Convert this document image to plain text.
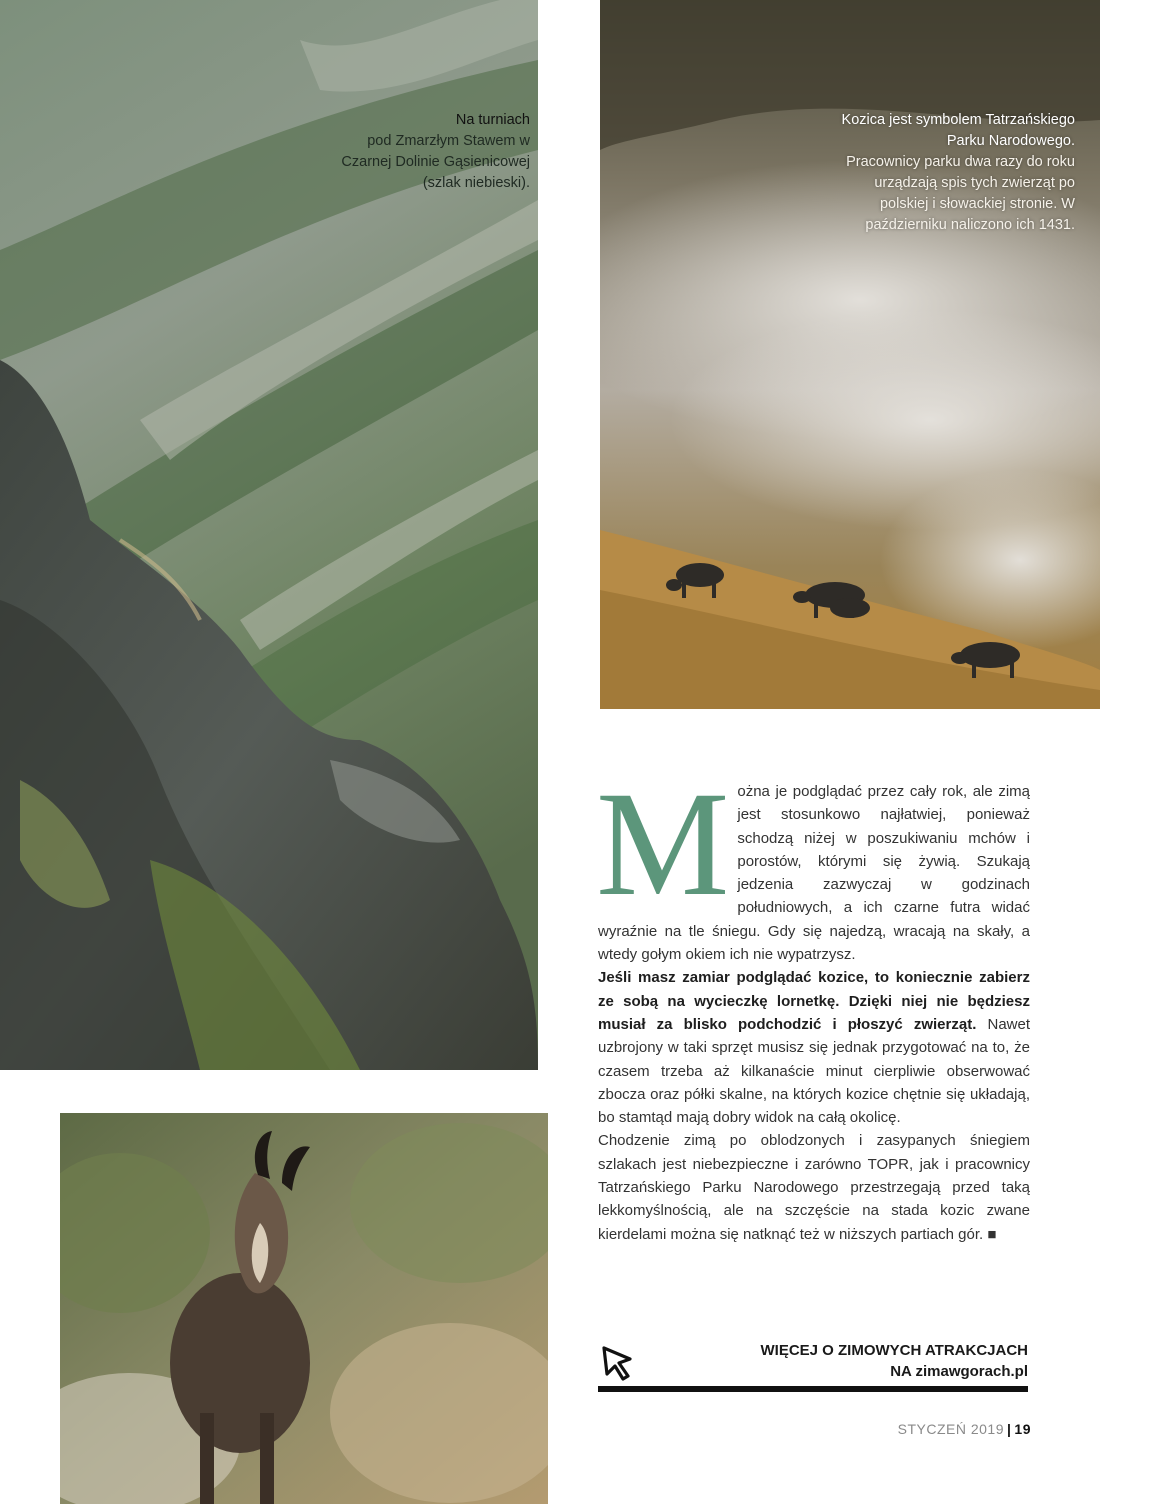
Na turniach
pod Zmarzłym Stawem w Czarnej Dolinie Gąsienicowej (szlak niebieski).
Kozica jest symbolem Tatrzańskiego Parku Narodowego.
Pracownicy parku dwa razy do roku urządzają spis tych zwierząt po polskiej i słowackiej stronie. W październiku naliczono ich 1431.
M ożna je podglądać przez cały rok, ale zimą jest stosunkowo najłatwiej, ponieważ schodzą niżej w poszukiwaniu mchów i porostów, którymi się żywią. Szukają jedzenia zazwyczaj w godzinach południowych, a ich czarne futra widać wyraźnie na tle śniegu. Gdy się najedzą, wracają na skały, a wtedy gołym okiem ich nie wypatrzysz.

Jeśli masz zamiar podglądać kozice, to koniecznie zabierz ze sobą na wycieczkę lornetkę. Dzięki niej nie będziesz musiał za blisko podchodzić i płoszyć zwierząt. Nawet uzbrojony w taki sprzęt musisz się jednak przygotować na to, że czasem trzeba aż kilkanaście minut cierpliwie obserwować zbocza oraz półki skalne, na których kozice chętnie się układają, bo stamtąd mają dobry widok na całą okolicę.

Chodzenie zimą po oblodzonych i zasypanych śniegiem szlakach jest niebezpieczne i zarówno TOPR, jak i pracownicy Tatrzańskiego Parku Narodowego przestrzegają przed taką lekkomyślnością, ale na szczęście na stada kozic zwane kierdelami można się natknąć też w niższych partiach gór. ■

WIĘCEJ O ZIMOWYCH ATRAKCJACH
NA zimawgorach.pl
STYCZEŃ 2019 | 19
